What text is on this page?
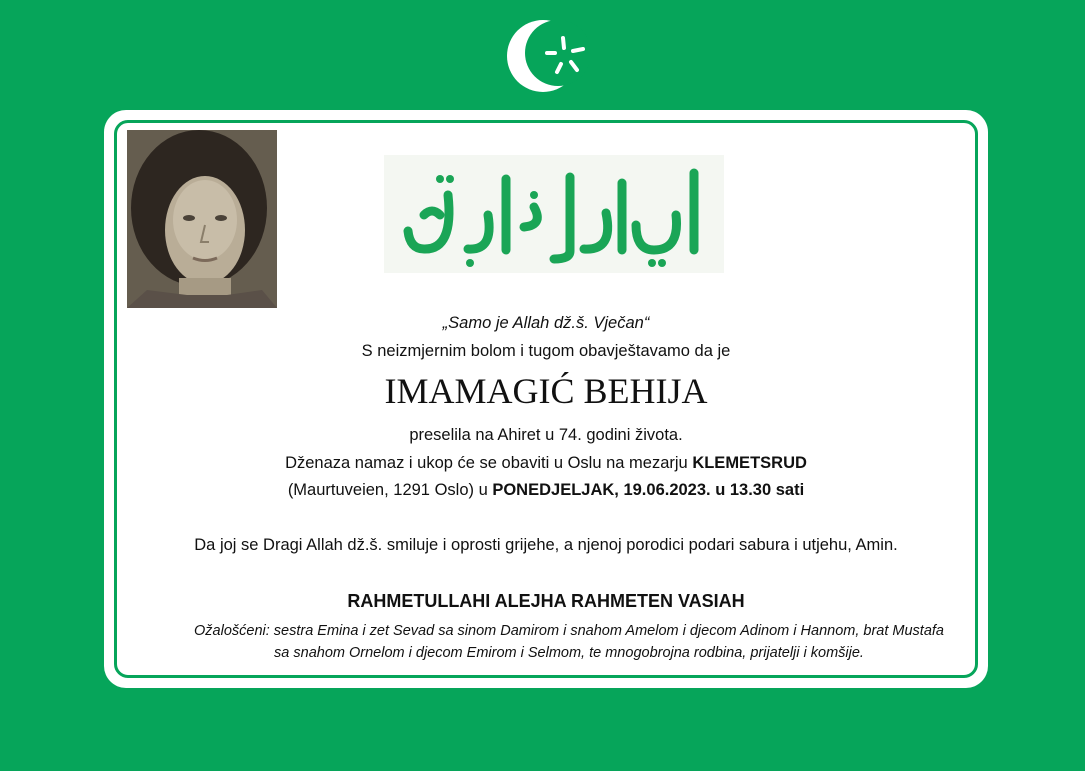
„Samo je Allah dž.š. Vječan“
S neizmjernim bolom i tugom obavještavamo da je
IMAMAGIĆ BEHIJA
preselila na Ahiret u 74. godini života.
Dženaza namaz i ukop će se obaviti u Oslu na mezarju KLEMETSRUD
(Maurtuveien, 1291 Oslo) u PONEDJELJAK, 19.06.2023. u 13.30 sati
Da joj se Dragi Allah dž.š. smiluje i oprosti grijehe, a njenoj porodici podari sabura i utjehu, Amin.
RAHMETULLAHI ALEJHA RAHMETEN VASIAH
Ožalošćeni: sestra Emina i zet Sevad sa sinom Damirom i snahom Amelom i djecom Adinom i Hannom, brat Mustafa
sa snahom Ornelom i djecom Emirom i Selmom, te mnogobrojna rodbina, prijatelji i komšije.
